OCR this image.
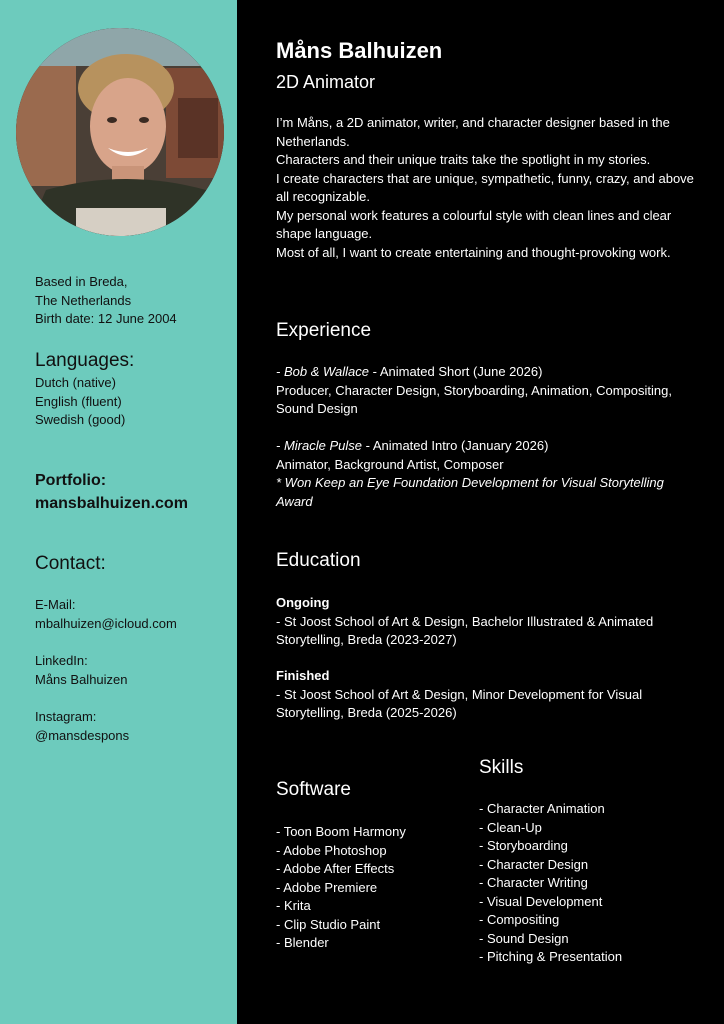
Based in Breda,
The Netherlands
Birth date: 12 June 2004

Languages:

Dutch (native)
English (fluent)
Swedish (good)

Portfolio:
mansbalhuizen.com

Contact:

E-Mail:
mbalhuizen@icloud.com

LinkedIn:
Måns Balhuizen

Instagram:
@mansdespons

Måns Balhuizen

2D Animator

I’m Måns, a 2D animator, writer, and character designer based in the Netherlands.
Characters and their unique traits take the spotlight in my stories.
I create characters that are unique, sympathetic, funny, crazy, and above all recognizable.
My personal work features a colourful style with clean lines and clear shape language.
Most of all, I want to create entertaining and thought-provoking work.

Experience

- Bob & Wallace - Animated Short (June 2026)
Producer, Character Design, Storyboarding, Animation, Compositing, Sound Design

- Miracle Pulse - Animated Intro (January 2026)
Animator, Background Artist, Composer
* Won Keep an Eye Foundation Development for Visual Storytelling Award

Education

Ongoing
- St Joost School of Art & Design, Bachelor Illustrated & Animated Storytelling, Breda (2023-2027)

Finished
- St Joost School of Art & Design, Minor Development for Visual Storytelling, Breda (2025-2026)

Software
- Toon Boom Harmony
- Adobe Photoshop
- Adobe After Effects
- Adobe Premiere
- Krita
- Clip Studio Paint
- Blender
Skills
- Character Animation
- Clean-Up
- Storyboarding
- Character Design
- Character Writing
- Visual Development
- Compositing
- Sound Design
- Pitching & Presentation
